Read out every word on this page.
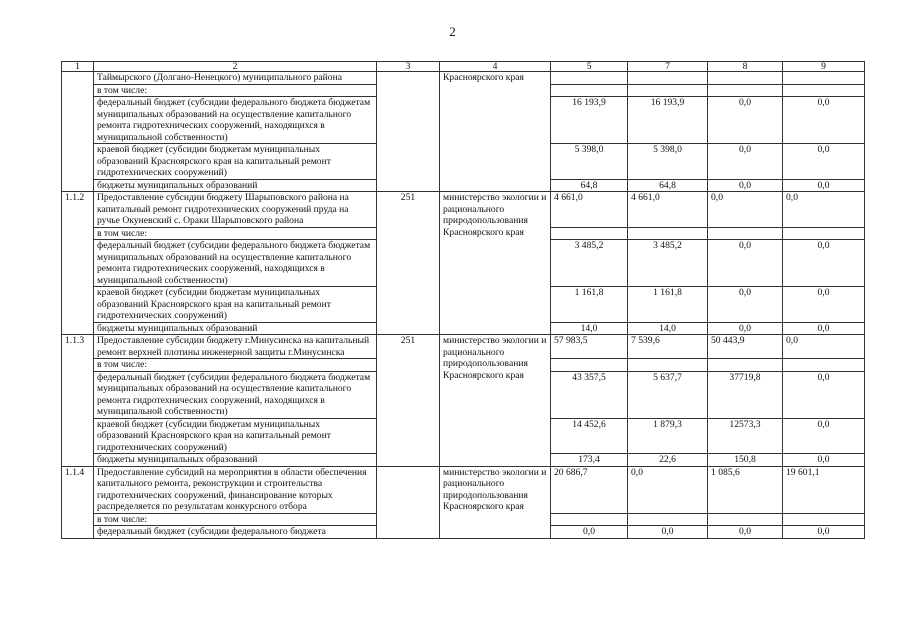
2
1	2	3	4	5	7	8	9
	Таймырского (Долгано-Ненецкого) муниципального района		Красноярского края				
	в том числе:						
	федеральный бюджет (субсидии федерального бюджета бюджетам муниципальных образований на осуществление капитального ремонта гидротехнических сооружений, находящихся в муниципальной собственности)			16 193,9	16 193,9	0,0	0,0
	краевой бюджет (субсидии бюджетам муниципальных образований Красноярского края на капитальный ремонт гидротехнических сооружений)			5 398,0	5 398,0	0,0	0,0
	бюджеты муниципальных образований			64,8	64,8	0,0	0,0
1.1.2	Предоставление субсидии бюджету Шарыповского района на капитальный ремонт гидротехнических сооружений пруда на ручье Окуневский с. Ораки Шарыповского района	251	министерство экологии и рационального природопользования Красноярского края	4 661,0	4 661,0	0,0	0,0
	в том числе:						
	федеральный бюджет (субсидии федерального бюджета бюджетам муниципальных образований на осуществление капитального ремонта гидротехнических сооружений, находящихся в муниципальной собственности)			3 485,2	3 485,2	0,0	0,0
	краевой бюджет (субсидии бюджетам муниципальных образований Красноярского края на капитальный ремонт гидротехнических сооружений)			1 161,8	1 161,8	0,0	0,0
	бюджеты муниципальных образований			14,0	14,0	0,0	0,0
1.1.3	Предоставление субсидии бюджету г.Минусинска на капитальный ремонт верхней плотины инженерной защиты г.Минусинска	251	министерство экологии и рационального природопользования Красноярского края	57 983,5	7 539,6	50 443,9	0,0
	в том числе:						
	федеральный бюджет (субсидии федерального бюджета бюджетам муниципальных образований на осуществление капитального ремонта гидротехнических сооружений, находящихся в муниципальной собственности)			43 357,5	5 637,7	37719,8	0,0
	краевой бюджет (субсидии бюджетам муниципальных образований Красноярского края на капитальный ремонт гидротехнических сооружений)			14 452,6	1 879,3	12573,3	0,0
	бюджеты муниципальных образований			173,4	22,6	150,8	0,0
1.1.4	Предоставление субсидий на мероприятия в области обеспечения капитального ремонта, реконструкции и строительства гидротехнических сооружений, финансирование которых распределяется по результатам конкурсного отбора		министерство экологии и рационального природопользования Красноярского края	20 686,7	0,0	1 085,6	19 601,1
	в том числе:						
	федеральный бюджет (субсидии федерального бюджета			0,0	0,0	0,0	0,0
